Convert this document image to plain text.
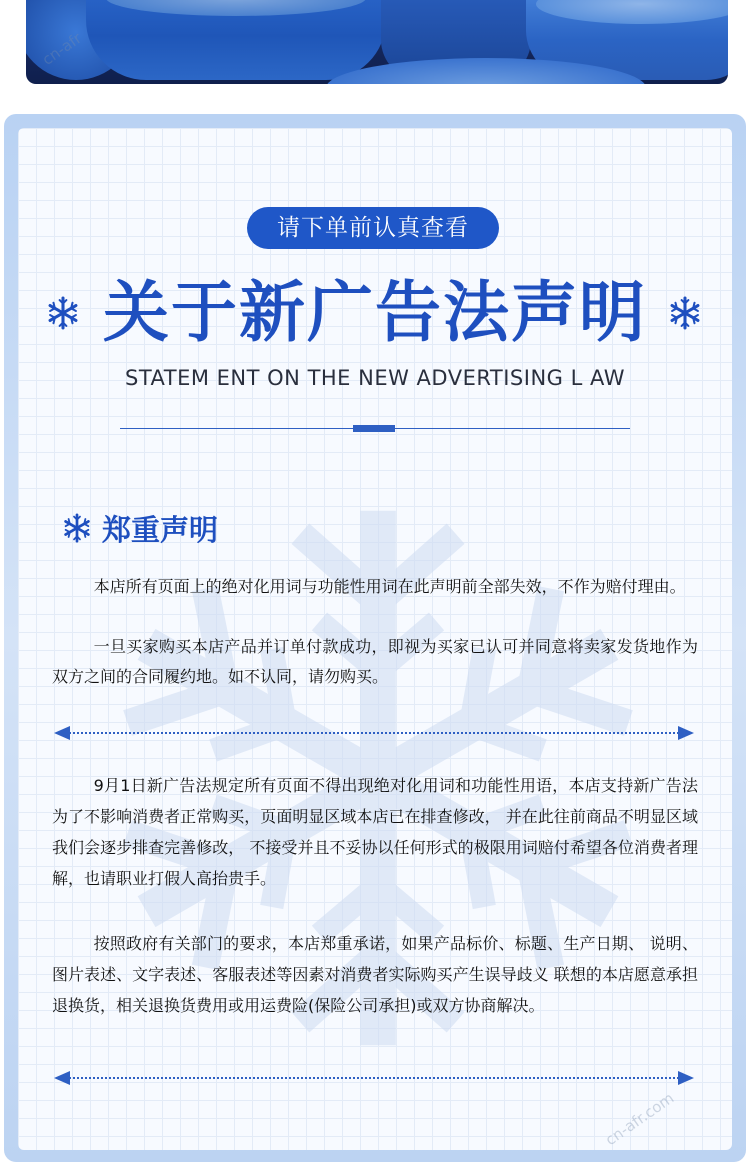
cn-afr
请下单前认真查看
关于新广告法声明
STATEM ENT ON THE NEW ADVERTISING L AW
郑重声明
本店所有页面上的绝对化用词与功能性用词在此声明前全部失效，不作为赔付理由。
一旦买家购买本店产品并订单付款成功，即视为买家已认可并同意将卖家发货地作为双方之间的合同履约地。如不认同，请勿购买。
9月1日新广告法规定所有页面不得出现绝对化用词和功能性用语，本店支持新广告法为了不影响消费者正常购买，页面明显区域本店已在排查修改， 并在此往前商品不明显区域我们会逐步排查完善修改， 不接受并且不妥协以任何形式的极限用词赔付希望各位消费者理解，也请职业打假人高抬贵手。
按照政府有关部门的要求，本店郑重承诺，如果产品标价、标题、生产日期、 说明、图片表述、文字表述、客服表述等因素对消费者实际购买产生误导歧义 联想的本店愿意承担退换货，相关退换货费用或用运费险(保险公司承担)或双方协商解决。
cn-afr.com
